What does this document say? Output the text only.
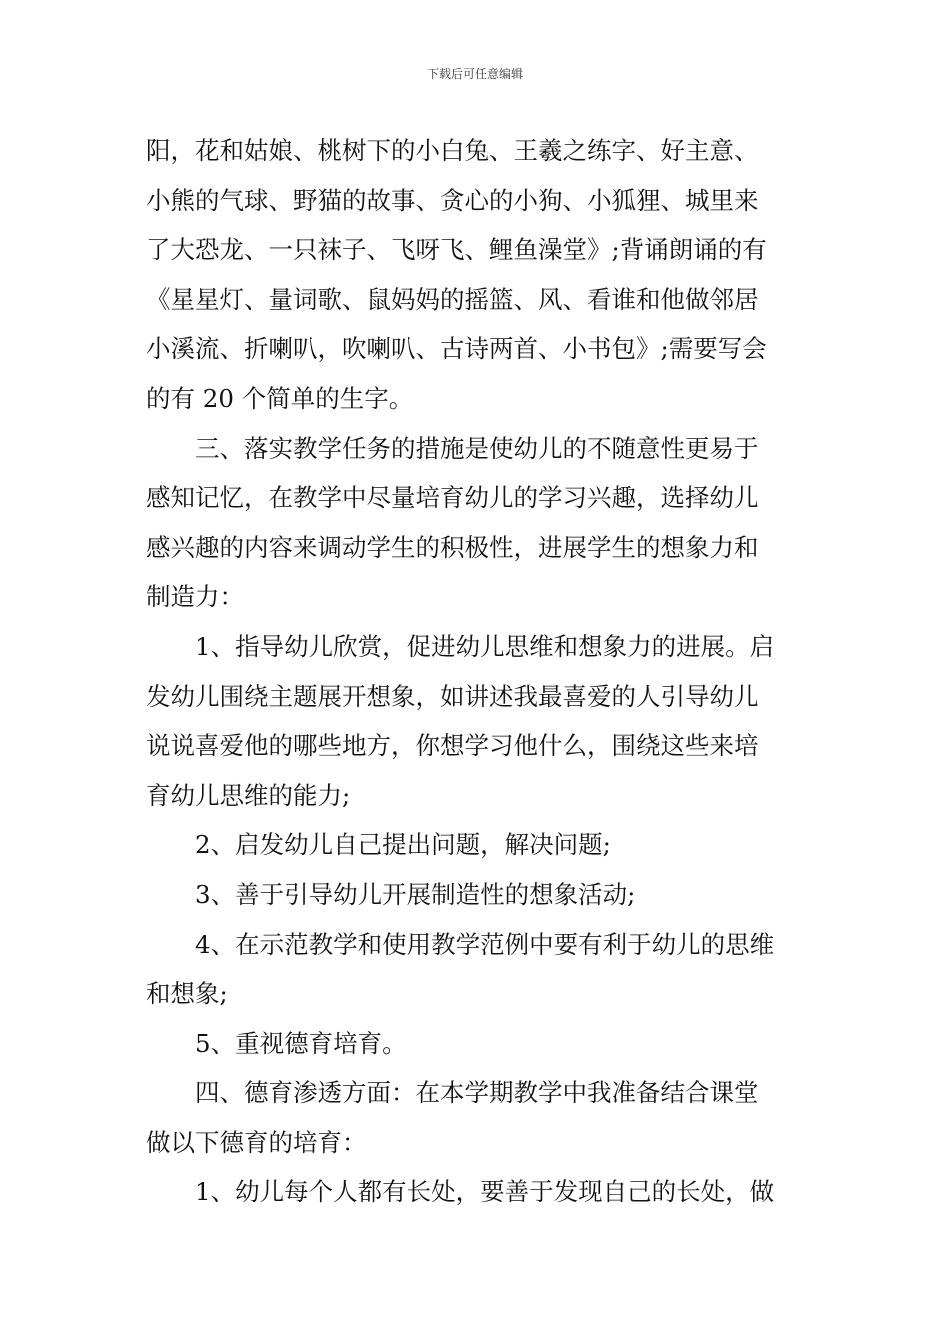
下载后可任意编辑
阳，花和姑娘、桃树下的小白兔、王羲之练字、好主意、
小熊的气球、野猫的故事、贪心的小狗、小狐狸、城里来
了大恐龙、一只袜子、飞呀飞、鲤鱼澡堂》;背诵朗诵的有
《星星灯、量词歌、鼠妈妈的摇篮、风、看谁和他做邻居
小溪流、折喇叭，吹喇叭、古诗两首、小书包》;需要写会
的有 20 个简单的生字。
三、落实教学任务的措施是使幼儿的不随意性更易于
感知记忆，在教学中尽量培育幼儿的学习兴趣，选择幼儿
感兴趣的内容来调动学生的积极性，进展学生的想象力和
制造力：
1、指导幼儿欣赏，促进幼儿思维和想象力的进展。启
发幼儿围绕主题展开想象，如讲述我最喜爱的人引导幼儿
说说喜爱他的哪些地方，你想学习他什么，围绕这些来培
育幼儿思维的能力;
2、启发幼儿自己提出问题，解决问题;
3、善于引导幼儿开展制造性的想象活动;
4、在示范教学和使用教学范例中要有利于幼儿的思维
和想象;
5、重视德育培育。
四、德育渗透方面：在本学期教学中我准备结合课堂
做以下德育的培育：
1、幼儿每个人都有长处，要善于发现自己的长处，做
